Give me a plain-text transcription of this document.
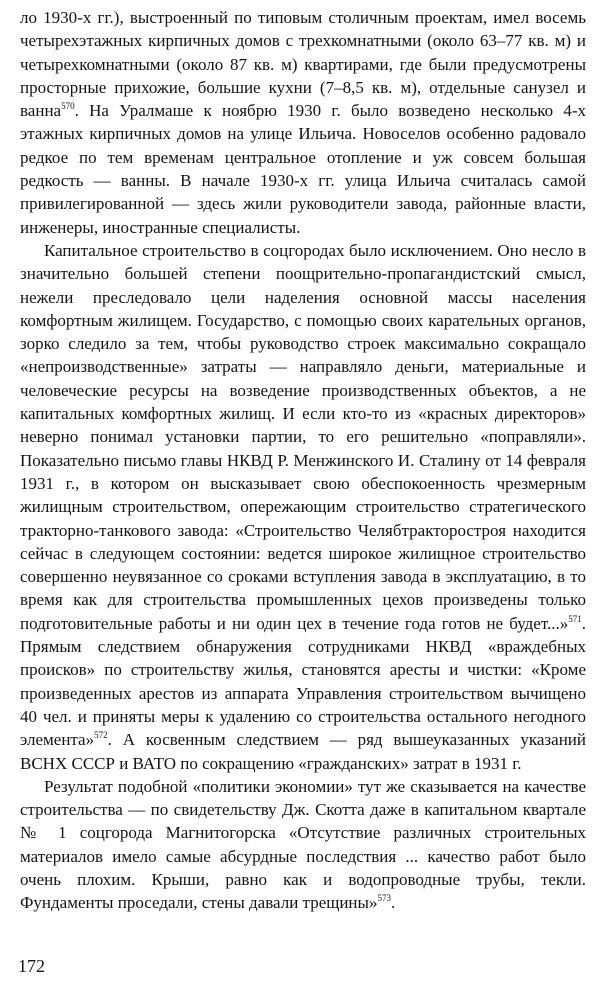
ло 1930-х гг.), выстроенный по типовым столичным проектам, имел восемь четырехэтажных кирпичных домов с трехкомнатными (около 63–77 кв. м) и четырехкомнатными (около 87 кв. м) квартирами, где были предусмотрены просторные прихожие, большие кухни (7–8,5 кв. м), отдельные санузел и ванна$^{570}$. На Уралмаше к ноябрю 1930 г. было возведено несколько 4-х этажных кирпичных домов на улице Ильича. Новоселов особенно радовало редкое по тем временам центральное отопление и уж совсем большая редкость — ванны. В начале 1930-х гг. улица Ильича считалась самой привилегированной — здесь жили руководители завода, районные власти, инженеры, иностранные специалисты.

Капитальное строительство в соцгородах было исключением. Оно несло в значительно большей степени поощрительно-пропагандистский смысл, нежели преследовало цели наделения основной массы населения комфортным жилищем. Государство, с помощью своих карательных органов, зорко следило за тем, чтобы руководство строек максимально сокращало «непроизводственные» затраты — направляло деньги, материальные и человеческие ресурсы на возведение производственных объектов, а не капитальных комфортных жилищ. И если кто-то из «красных директоров» неверно понимал установки партии, то его решительно «поправляли». Показательно письмо главы НКВД Р. Менжинского И. Сталину от 14 февраля 1931 г., в котором он высказывает свою обеспокоенность чрезмерным жилищным строительством, опережающим строительство стратегического тракторно-танкового завода: «Строительство Челябтракторостроя находится сейчас в следующем состоянии: ведется широкое жилищное строительство совершенно неувязанное со сроками вступления завода в эксплуатацию, в то время как для строительства промышленных цехов произведены только подготовительные работы и ни один цех в течение года готов не будет...»$^{571}$. Прямым следствием обнаружения сотрудниками НКВД «враждебных происков» по строительству жилья, становятся аресты и чистки: «Кроме произведенных арестов из аппарата Управления строительством вычищено 40 чел. и приняты меры к удалению со строительства остального негодного элемента»$^{572}$. А косвенным следствием — ряд вышеуказанных указаний ВСНХ СССР и ВАТО по сокращению «гражданских» затрат в 1931 г.

Результат подобной «политики экономии» тут же сказывается на качестве строительства — по свидетельству Дж. Скотта даже в капитальном квартале № 1 соцгорода Магнитогорска «Отсутствие различных строительных материалов имело самые абсурдные последствия ... качество работ было очень плохим. Крыши, равно как и водопроводные трубы, текли. Фундаменты проседали, стены давали трещины»$^{573}$.

172
